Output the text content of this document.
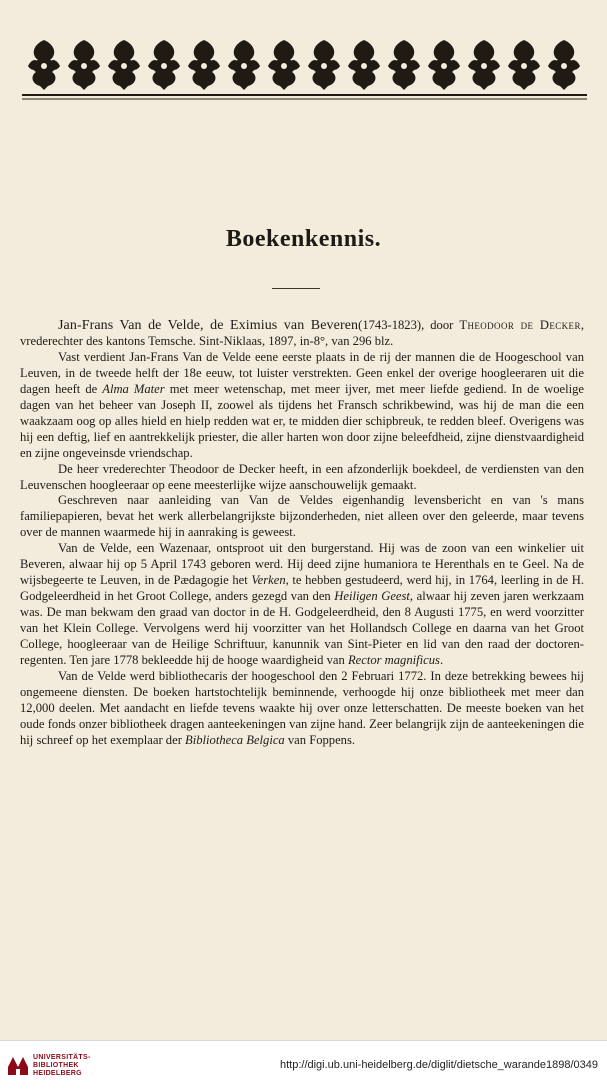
Boekenkennis.

Jan-Frans Van de Velde, de Eximius van Beveren(1743-1823), door Theodoor de Decker, vrederechter des kantons Temsche. Sint-Niklaas, 1897, in-8°, van 296 blz.

Vast verdient Jan-Frans Van de Velde eene eerste plaats in de rij der mannen die de Hoogeschool van Leuven, in de tweede helft der 18e eeuw, tot luister verstrekten. Geen enkel der overige hoogleeraren uit die dagen heeft de Alma Mater met meer wetenschap, met meer ijver, met meer liefde gediend. In de woelige dagen van het beheer van Joseph II, zoowel als tijdens het Fransch schrikbewind, was hij de man die een waakzaam oog op alles hield en hielp redden wat er, te midden dier schipbreuk, te redden bleef. Overigens was hij een deftig, lief en aantrekkelijk priester, die aller harten won door zijne beleefdheid, zijne dienstvaardigheid en zijne ongeveinsde vriendschap.

De heer vrederechter Theodoor de Decker heeft, in een afzonderlijk boekdeel, de verdiensten van den Leuvenschen hoogleeraar op eene meesterlijke wijze aanschouwelijk gemaakt.

Geschreven naar aanleiding van Van de Veldes eigenhandig levensbericht en van 's mans familiepapieren, bevat het werk allerbelangrijkste bijzonderheden, niet alleen over den geleerde, maar tevens over de mannen waarmede hij in aanraking is geweest.

Van de Velde, een Wazenaar, ontsproot uit den burgerstand. Hij was de zoon van een winkelier uit Beveren, alwaar hij op 5 April 1743 geboren werd. Hij deed zijne humaniora te Herenthals en te Geel. Na de wijsbegeerte te Leuven, in de Pædagogie het Verken, te hebben gestudeerd, werd hij, in 1764, leerling in de H. Godgeleerdheid in het Groot College, anders gezegd van den Heiligen Geest, alwaar hij zeven jaren werkzaam was. De man bekwam den graad van doctor in de H. Godgeleerdheid, den 8 Augusti 1775, en werd voorzitter van het Klein College. Vervolgens werd hij voorzitter van het Hollandsch College en daarna van het Groot College, hoogleeraar van de Heilige Schriftuur, kanunnik van Sint-Pieter en lid van den raad der doctoren-regenten. Ten jare 1778 bekleedde hij de hooge waardigheid van Rector magnificus.

Van de Velde werd bibliothecaris der hoogeschool den 2 Februari 1772. In deze betrekking bewees hij ongemeene diensten. De boeken hartstochtelijk beminnende, verhoogde hij onze bibliotheek met meer dan 12,000 deelen. Met aandacht en liefde tevens waakte hij over onze letterschatten. De meeste boeken van het oude fonds onzer bibliotheek dragen aanteekeningen van zijne hand. Zeer belangrijk zijn de aanteekeningen die hij schreef op het exemplaar der Bibliotheca Belgica van Foppens.

UNIVERSITÄTS-
BIBLIOTHEK
HEIDELBERG
http://digi.ub.uni-heidelberg.de/diglit/dietsche_warande1898/0349
